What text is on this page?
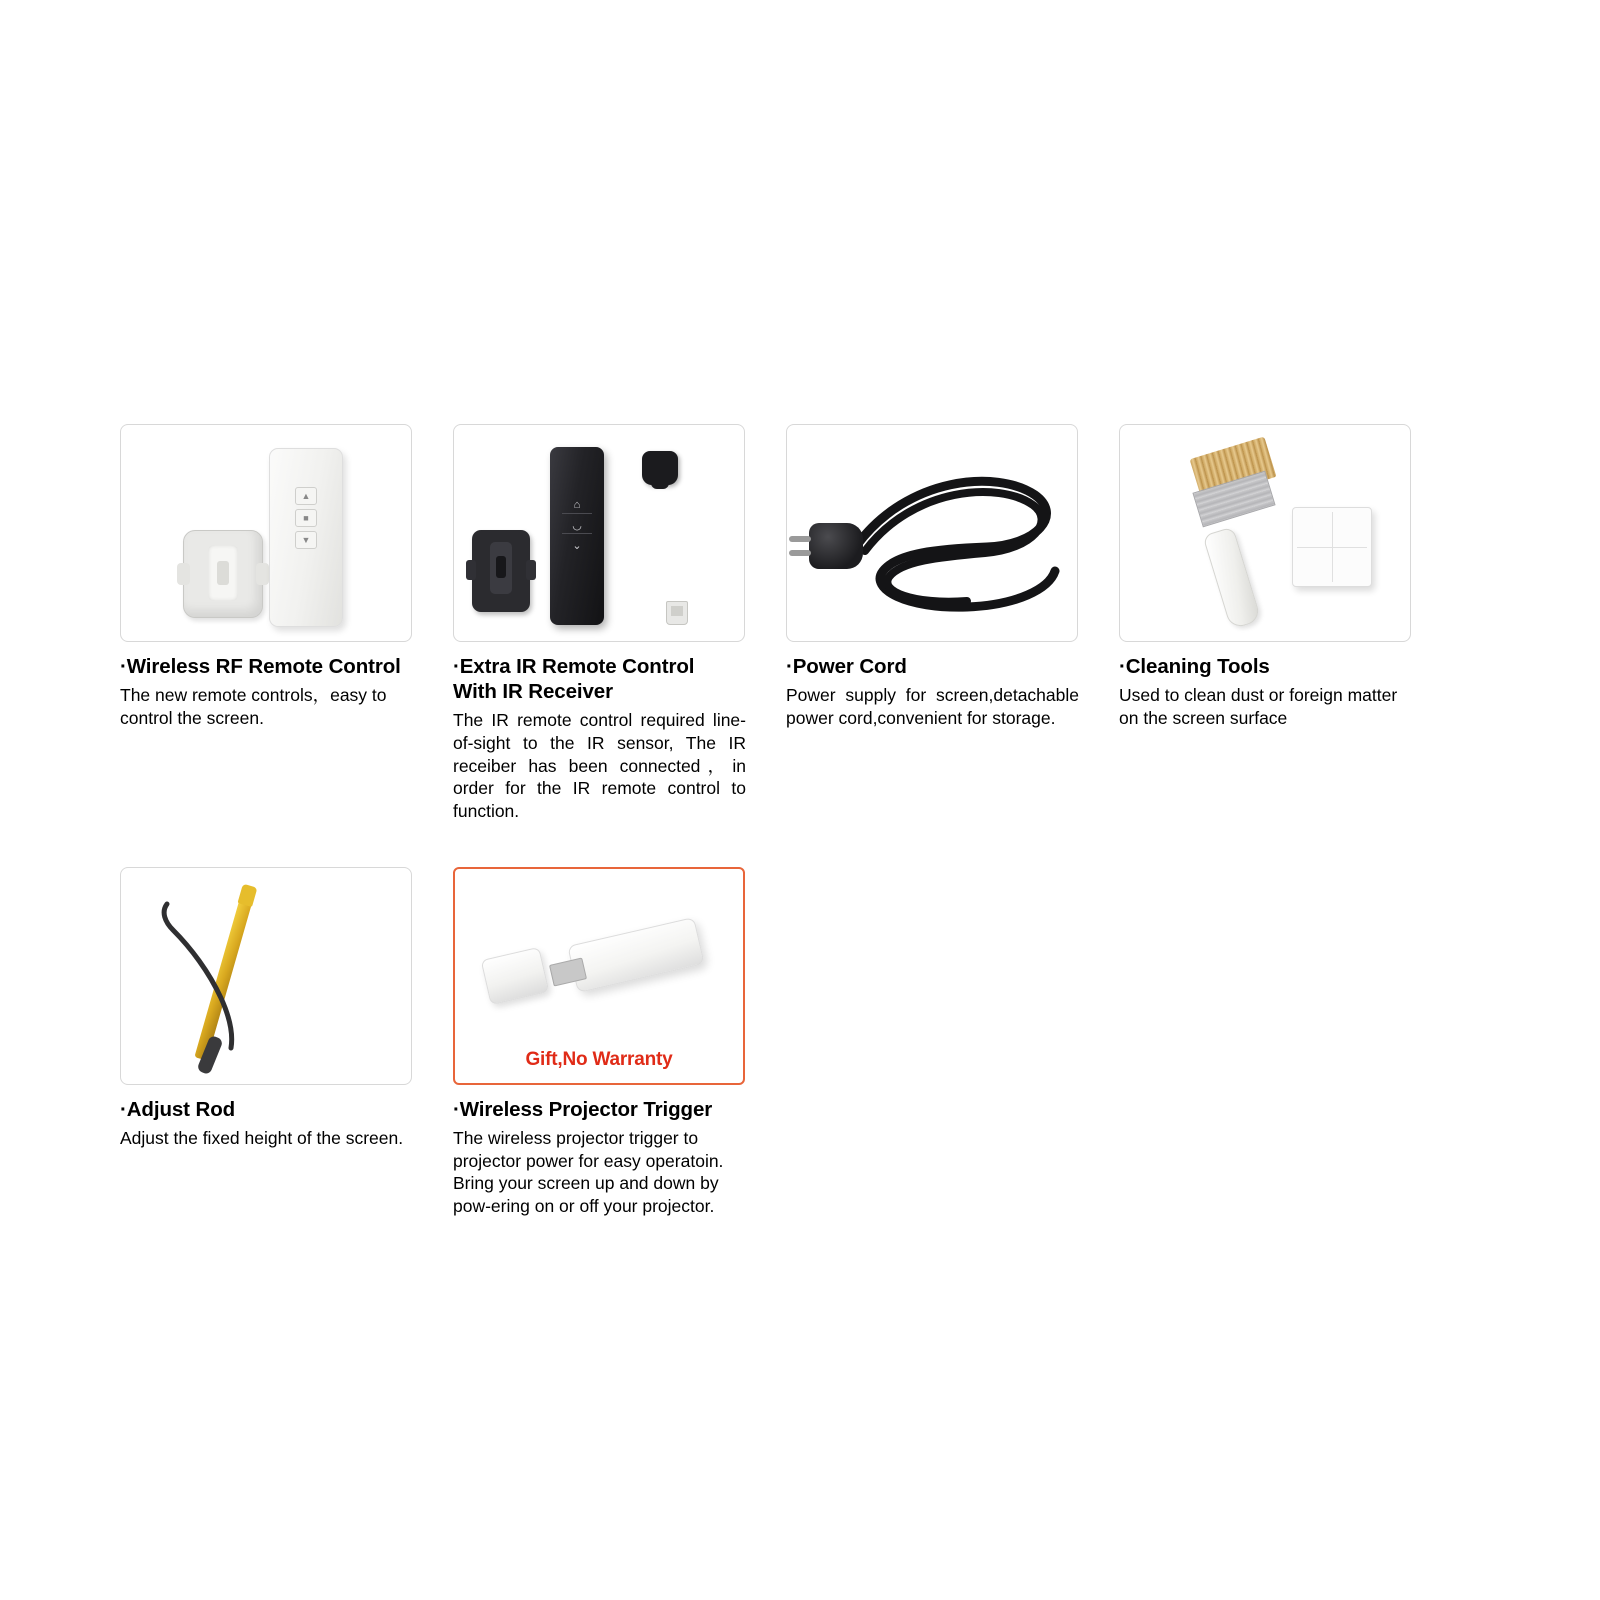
▲
■
▼
·Wireless RF Remote Control
The new remote controls，easy to control the screen.
⌂
◡
⌄
·Extra IR Remote Control
With IR Receiver
The IR remote control required line-of-sight to the IR sensor, The IR receiber has been connected，in order for the IR remote control to function.
·Power Cord
Power supply for screen,detachable power cord,convenient for storage.
·Cleaning Tools
Used to clean dust or foreign matter on the screen surface
·Adjust Rod
Adjust the fixed height of the screen.
Gift,No Warranty
·Wireless Projector Trigger
The wireless projector trigger to projector power for easy operatoin.
Bring your screen up and down by pow-ering on or off your projector.
